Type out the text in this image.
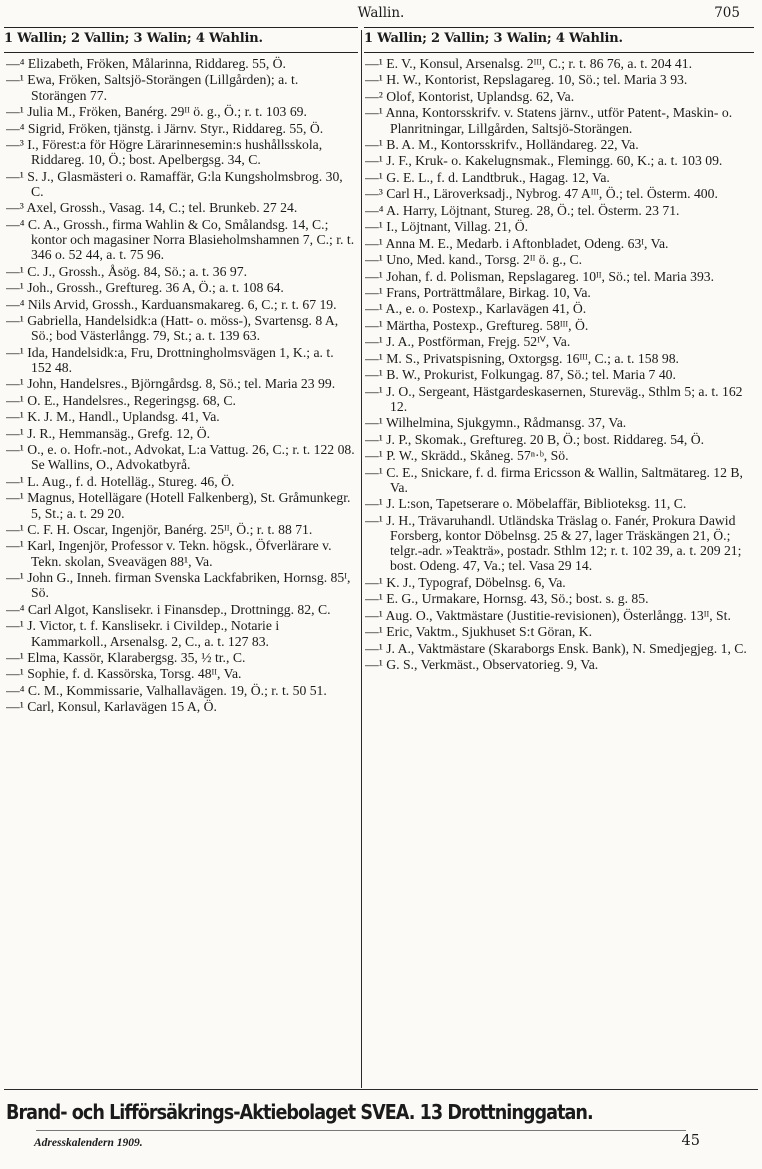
Wallin.	705
1 Wallin; 2 Vallin; 3 Walin; 4 Wahlin.	1 Wallin; 2 Vallin; 3 Walin; 4 Wahlin.
—⁴ Elizabeth, Fröken, Målarinna, Riddareg. 55, Ö.
—¹ Ewa, Fröken, Saltsjö-Storängen (Lillgården); a. t. Storängen 77.
—¹ Julia M., Fröken, Banérg. 29ᴵᴵ ö. g., Ö.; r. t. 103 69.
—⁴ Sigrid, Fröken, tjänstg. i Järnv. Styr., Riddareg. 55, Ö.
—³ I., Förest:a för Högre Lärarinnesemin:s hushållsskola, Riddareg. 10, Ö.; bost. Apelbergsg. 34, C.
—¹ S. J., Glasmästeri o. Ramaffär, G:la Kungsholmsbrog. 30, C.
—³ Axel, Grossh., Vasag. 14, C.; tel. Brunkeb. 27 24.
—⁴ C. A., Grossh., firma Wahlin & Co, Smålandsg. 14, C.; kontor och magasiner Norra Blasieholmshamnen 7, C.; r. t. 346 o. 52 44, a. t. 75 96.
—¹ C. J., Grossh., Åsög. 84, Sö.; a. t. 36 97.
—¹ Joh., Grossh., Greftureg. 36 A, Ö.; a. t. 108 64.
—⁴ Nils Arvid, Grossh., Karduansmakareg. 6, C.; r. t. 67 19.
—¹ Gabriella, Handelsidk:a (Hatt- o. möss-), Svartensg. 8 A, Sö.; bod Västerlångg. 79, St.; a. t. 139 63.
—¹ Ida, Handelsidk:a, Fru, Drottningholmsvägen 1, K.; a. t. 152 48.
—¹ John, Handelsres., Björngårdsg. 8, Sö.; tel. Maria 23 99.
—¹ O. E., Handelsres., Regeringsg. 68, C.
—¹ K. J. M., Handl., Uplandsg. 41, Va.
—¹ J. R., Hemmansäg., Grefg. 12, Ö.
—¹ O., e. o. Hofr.-not., Advokat, L:a Vattug. 26, C.; r. t. 122 08. Se Wallins, O., Advokatbyrå.
—¹ L. Aug., f. d. Hotelläg., Stureg. 46, Ö.
—¹ Magnus, Hotellägare (Hotell Falkenberg), St. Gråmunkegr. 5, St.; a. t. 29 20.
—¹ C. F. H. Oscar, Ingenjör, Banérg. 25ᴵᴵ, Ö.; r. t. 88 71.
—¹ Karl, Ingenjör, Professor v. Tekn. högsk., Öfverlärare v. Tekn. skolan, Sveavägen 88¹, Va.
—¹ John G., Inneh. firman Svenska Lackfabriken, Hornsg. 85ᴵ, Sö.
—⁴ Carl Algot, Kanslisekr. i Finansdep., Drottningg. 82, C.
—¹ J. Victor, t. f. Kanslisekr. i Civildep., Notarie i Kammarkoll., Arsenalsg. 2, C., a. t. 127 83.
—¹ Elma, Kassör, Klarabergsg. 35, ½ tr., C.
—¹ Sophie, f. d. Kassörska, Torsg. 48ᴵᴵ, Va.
—⁴ C. M., Kommissarie, Valhallavägen. 19, Ö.; r. t. 50 51.
—¹ Carl, Konsul, Karlavägen 15 A, Ö.
—¹ E. V., Konsul, Arsenalsg. 2ᴵᴵᴵ, C.; r. t. 86 76, a. t. 204 41.
—¹ H. W., Kontorist, Repslagareg. 10, Sö.; tel. Maria 3 93.
—² Olof, Kontorist, Uplandsg. 62, Va.
—¹ Anna, Kontorsskrifv. v. Statens järnv., utför Patent-, Maskin- o. Planritningar, Lillgården, Saltsjö-Storängen.
—¹ B. A. M., Kontorsskrifv., Holländareg. 22, Va.
—¹ J. F., Kruk- o. Kakelugnsmak., Flemingg. 60, K.; a. t. 103 09.
—¹ G. E. L., f. d. Landtbruk., Hagag. 12, Va.
—³ Carl H., Läroverksadj., Nybrog. 47 Aᴵᴵᴵ, Ö.; tel. Österm. 400.
—⁴ A. Harry, Löjtnant, Stureg. 28, Ö.; tel. Österm. 23 71.
—¹ I., Löjtnant, Villag. 21, Ö.
—¹ Anna M. E., Medarb. i Aftonbladet, Odeng. 63ᴵ, Va.
—¹ Uno, Med. kand., Torsg. 2ᴵᴵ ö. g., C.
—¹ Johan, f. d. Polisman, Repslagareg. 10ᴵᴵ, Sö.; tel. Maria 393.
—¹ Frans, Porträttmålare, Birkag. 10, Va.
—¹ A., e. o. Postexp., Karlavägen 41, Ö.
—¹ Märtha, Postexp., Greftureg. 58ᴵᴵᴵ, Ö.
—¹ J. A., Postförman, Frejg. 52ᴵⱽ, Va.
—¹ M. S., Privatspisning, Oxtorgsg. 16ᴵᴵᴵ, C.; a. t. 158 98.
—¹ B. W., Prokurist, Folkungag. 87, Sö.; tel. Maria 7 40.
—¹ J. O., Sergeant, Hästgardeskasernen, Stureväg., Sthlm 5; a. t. 162 12.
—¹ Wilhelmina, Sjukgymn., Rådmansg. 37, Va.
—¹ J. P., Skomak., Greftureg. 20 B, Ö.; bost. Riddareg. 54, Ö.
—¹ P. W., Skrädd., Skåneg. 57ⁿ·ᵇ, Sö.
—¹ C. E., Snickare, f. d. firma Ericsson & Wallin, Saltmätareg. 12 B, Va.
—¹ J. L:son, Tapetserare o. Möbelaffär, Biblioteksg. 11, C.
—¹ J. H., Trävaruhandl. Utländska Träslag o. Fanér, Prokura Dawid Forsberg, kontor Döbelnsg. 25 & 27, lager Träskängen 21, Ö.; telgr.-adr. »Teakträ», postadr. Sthlm 12; r. t. 102 39, a. t. 209 21; bost. Odeng. 47, Va.; tel. Vasa 29 14.
—¹ K. J., Typograf, Döbelnsg. 6, Va.
—¹ E. G., Urmakare, Hornsg. 43, Sö.; bost. s. g. 85.
—¹ Aug. O., Vaktmästare (Justitie-revisionen), Österlångg. 13ᴵᴵ, St.
—¹ Eric, Vaktm., Sjukhuset S:t Göran, K.
—¹ J. A., Vaktmästare (Skaraborgs Ensk. Bank), N. Smedjegjeg. 1, C.
—¹ G. S., Verkmäst., Observatorieg. 9, Va.
Brand- och Lifförsäkrings-Aktiebolaget SVEA. 13 Drottninggatan.
Adresskalendern 1909.	45
